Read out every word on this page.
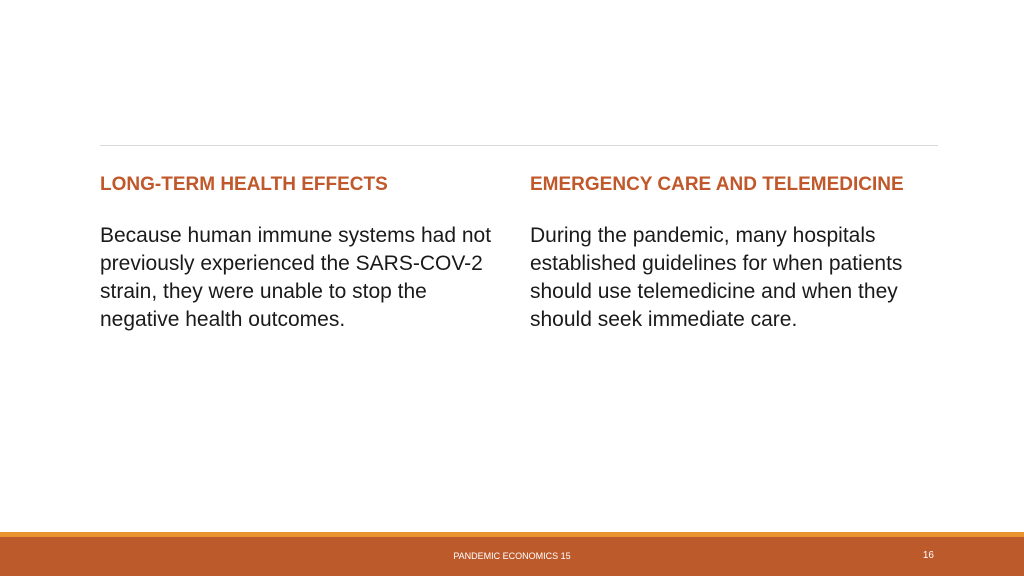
LONG-TERM HEALTH EFFECTS

Because human immune systems had not previously experienced the SARS-COV-2 strain, they were unable to stop the negative health outcomes.

EMERGENCY CARE AND TELEMEDICINE

During the pandemic, many hospitals established guidelines for when patients should use telemedicine and when they should seek immediate care.

PANDEMIC ECONOMICS 15	16
